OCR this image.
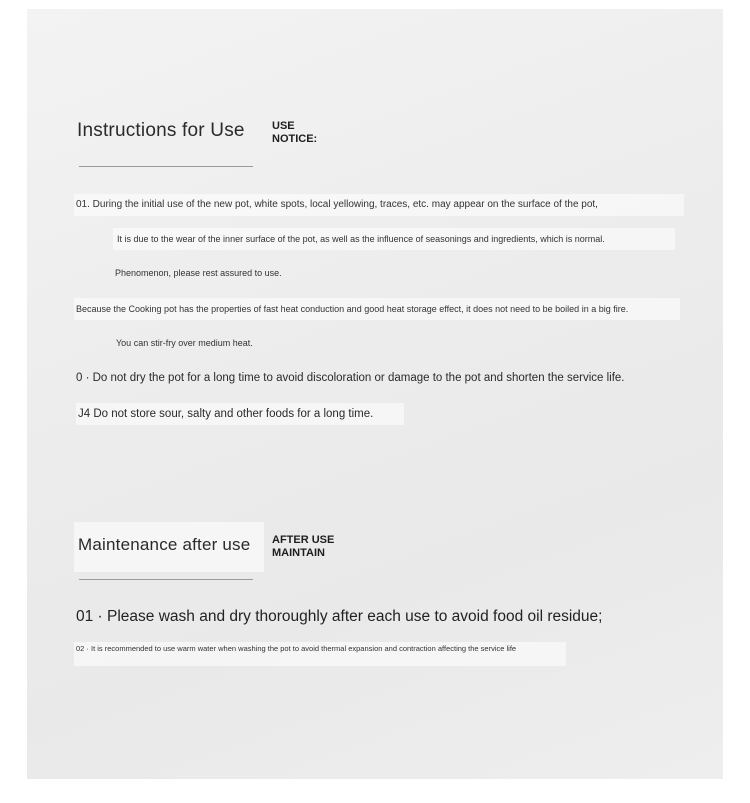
Instructions for Use USE
NOTICE:
01. During the initial use of the new pot, white spots, local yellowing, traces, etc. may appear on the surface of the pot,
It is due to the wear of the inner surface of the pot, as well as the influence of seasonings and ingredients, which is normal.
Phenomenon, please rest assured to use.
Because the Cooking pot has the properties of fast heat conduction and good heat storage effect, it does not need to be boiled in a big fire.
You can stir-fry over medium heat.
0 · Do not dry the pot for a long time to avoid discoloration or damage to the pot and shorten the service life.
J4 Do not store sour, salty and other foods for a long time.
Maintenance after use AFTER USE
MAINTAIN
01 · Please wash and dry thoroughly after each use to avoid food oil residue;
02 · It is recommended to use warm water when washing the pot to avoid thermal expansion and contraction affecting the service life
